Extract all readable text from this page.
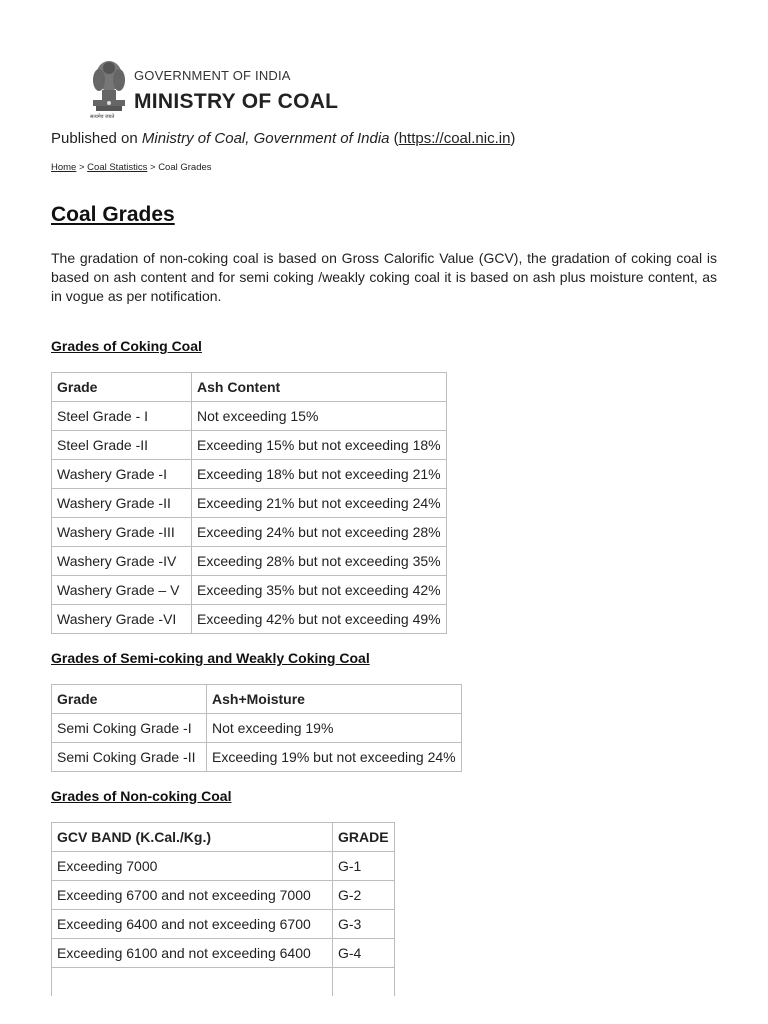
सत्यमेव जयते
GOVERNMENT OF INDIA
MINISTRY OF COAL
Published on Ministry of Coal, Government of India (https://coal.nic.in)
Home > Coal Statistics > Coal Grades
Coal Grades

The gradation of non-coking coal is based on Gross Calorific Value (GCV), the gradation of coking coal is based on ash content and for semi coking /weakly coking coal it is based on ash plus moisture content, as in vogue as per notification.

Grades of Coking Coal
Grade	Ash Content
Steel Grade - I	Not exceeding 15%
Steel Grade -II	Exceeding 15% but not exceeding 18%
Washery Grade -I	Exceeding 18% but not exceeding 21%
Washery Grade -II	Exceeding 21% but not exceeding 24%
Washery Grade -III	Exceeding 24% but not exceeding 28%
Washery Grade -IV	Exceeding 28% but not exceeding 35%
Washery Grade – V	Exceeding 35% but not exceeding 42%
Washery Grade -VI	Exceeding 42% but not exceeding 49%
Grades of Semi-coking and Weakly Coking Coal
Grade	Ash+Moisture
Semi Coking Grade -I	Not exceeding 19%
Semi Coking Grade -II	Exceeding 19% but not exceeding 24%
Grades of Non-coking Coal
GCV BAND (K.Cal./Kg.)	GRADE
Exceeding 7000	G-1
Exceeding 6700 and not exceeding 7000	G-2
Exceeding 6400 and not exceeding 6700	G-3
Exceeding 6100 and not exceeding 6400	G-4
